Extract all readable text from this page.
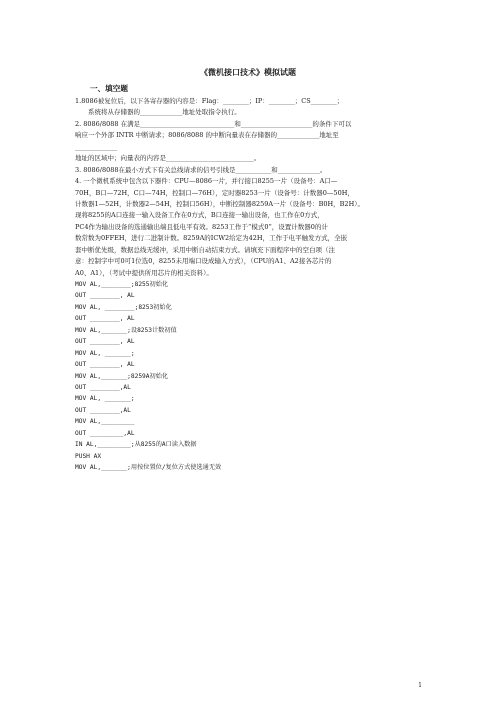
《微机接口技术》模拟试题
一、填空题
1.8086被复位后，以下各寄存器的内容是：Flag：________；IP：________；CS________；
系统将从存储器的_____________地址处取指令执行。
2. 8086/8088 在满足_____________________________和______________________的条件下可以
响应一个外部 INTR 中断请求；8086/8088 的中断向量表在存储器的_____________地址至
_____________
地址的区域中；向量表的内容是___________________________。
3. 8086/8088在最小方式下有关总线请求的信号引线是___________和_____________。
4. 一个微机系统中包含以下器件：CPU—8086一片，并行接口8255一片（设备号：A口—
70H，B口—72H，C口—74H，控制口—76H），定时器8253一片（设备号：计数器0—50H，
计数器1—52H，计数器2—54H，控制口56H），中断控制器8259A一片（设备号：B0H，B2H）。
现将8255的A口连接一输入设备工作在0方式，B口连接一输出设备，也工作在0方式，
PC4作为输出设备的选通输出端且低电平有效。8253工作于“模式0”，设置计数器0的计
数常数为0FFEH，进行二进制计数。8259A的ICW2给定为42H，工作于电平触发方式，全嵌
套中断优先级，数据总线无缓冲，采用中断自动结束方式。请填充下面程序中的空白项（注
意：控制字中可0可1位选0，8255未用端口设成输入方式），（CPU的A1、A2接各芯片的
A0、A1），（考试中提供所用芯片的相关资料）。
MOV AL,________;8255初始化
OUT ________, AL
MOV AL, ________;8253初始化
OUT ________, AL
MOV AL,_______;设8253计数初值
OUT ________, AL
MOV AL, _______;
OUT ________, AL
MOV AL,_______;8259A初始化
OUT ________,AL
MOV AL, _______;
OUT ________,AL
MOV AL,_________
OUT _________,AL
IN AL,_________;从8255的A口读入数据
PUSH AX
MOV AL,_______;用按位置位/复位方式使选通无效
1
